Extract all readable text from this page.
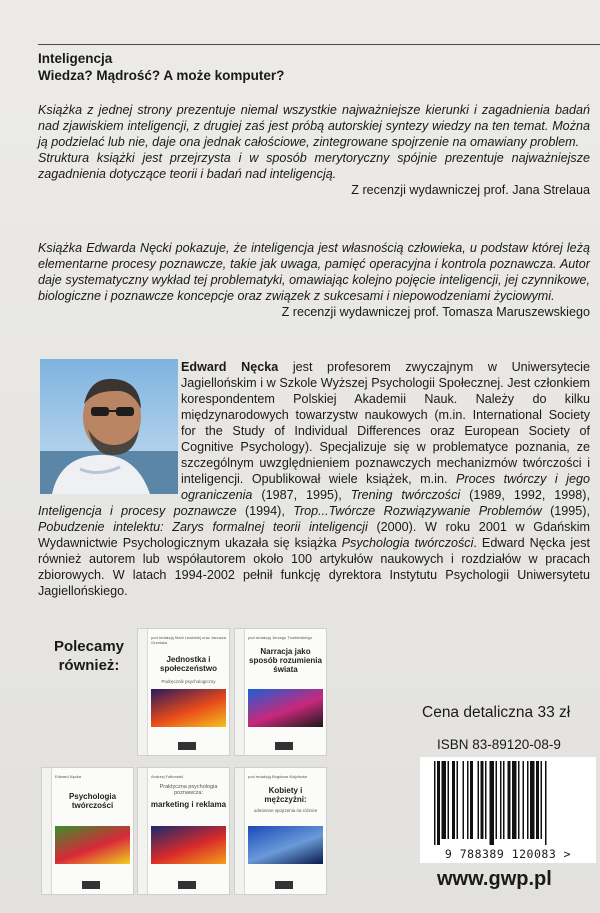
Inteligencja
Wiedza? Mądrość? A może komputer?

Książka z jednej strony prezentuje niemal wszystkie najważniejsze kierunki i zagadnienia badań nad zjawiskiem inteligencji, z drugiej zaś jest próbą autorskiej syntezy wiedzy na ten temat. Można ją podzielać lub nie, daje ona jednak całościowe, zintegrowane spojrzenie na omawiany problem.

Struktura książki jest przejrzysta i w sposób merytoryczny spójnie prezentuje najważniejsze zagadnienia dotyczące teorii i badań nad inteligencją.

Z recenzji wydawniczej prof. Jana Strelaua

Książka Edwarda Nęcki pokazuje, że inteligencja jest własnością człowieka, u podstaw której leżą elementarne procesy poznawcze, takie jak uwaga, pamięć operacyjna i kontrola poznawcza. Autor daje systematyczny wykład tej problematyki, omawiając kolejno pojęcie inteligencji, jej czynnikowe, biologiczne i poznawcze koncepcje oraz związek z sukcesami i niepowodzeniami życiowymi.

Z recenzji wydawniczej prof. Tomasza Maruszewskiego

Edward Nęcka jest profesorem zwyczajnym w Uniwersytecie Jagiellońskim i w Szkole Wyższej Psychologii Społecznej. Jest członkiem korespondentem Polskiej Akademii Nauk. Należy do kilku międzynarodowych towarzystw naukowych (m.in. International Society for the Study of Individual Differences oraz European Society of Cognitive Psychology). Specjalizuje się w problematyce poznania, ze szczególnym uwzględnieniem poznawczych mechanizmów twórczości i inteligencji. Opublikował wiele książek, m.in. Proces twórczy i jego ograniczenia (1987, 1995), Trening twórczości (1989, 1992, 1998), Inteligencja i procesy poznawcze (1994), Trop...Twórcze Rozwiązywanie Problemów (1995), Pobudzenie intelektu: Zarys formalnej teorii inteligencji (2000). W roku 2001 w Gdańskim Wydawnictwie Psychologicznym ukazała się książka Psychologia twórczości. Edward Nęcka jest również autorem lub współautorem około 100 artykułów naukowych i rozdziałów w pracach zbiorowych. W latach 1994-2002 pełnił funkcję dyrektora Instytutu Psychologii Uniwersytetu Jagiellońskiego.
Polecamy
również:
pod redakcją Marii Lewickiej oraz Janusza Grzelaka
Jednostka i społeczeństwo
Podręcznik psychologiczny
pod redakcją Jerzego Trzebińskiego
Narracja jako sposób rozumienia świata
Edward Nęcka
Psychologia twórczości
Andrzej Falkowski
Praktyczna psychologia poznawcza:
marketing i reklama
pod redakcją Bogdana Wojciszke
Kobiety i mężczyźni:
odmienne spojrzenia na różnice
Cena detaliczna 33 zł
ISBN 83-89120-08-9
9 788389 120083 >
www.gwp.pl
